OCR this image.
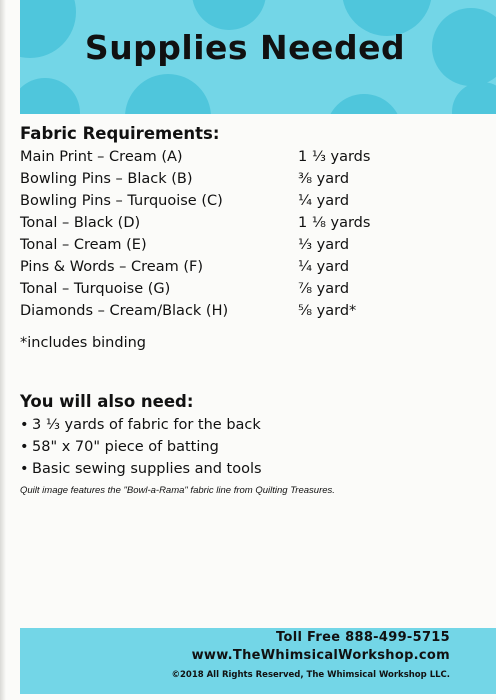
Supplies Needed
Fabric Requirements:
Main Print – Cream (A)	1 ⅓ yards
Bowling Pins – Black (B)	⅜ yard
Bowling Pins – Turquoise (C)	¼ yard
Tonal – Black (D)	1 ⅛ yards
Tonal – Cream (E)	⅓ yard
Pins & Words – Cream (F)	¼ yard
Tonal – Turquoise (G)	⅞ yard
Diamonds – Cream/Black (H)	⅝ yard*
*includes binding
You will also need:
• 3 ⅓ yards of fabric for the back
• 58" x 70" piece of batting
• Basic sewing supplies and tools
Quilt image features the "Bowl-a-Rama" fabric line from Quilting Treasures.
Toll Free 888-499-5715
www.TheWhimsicalWorkshop.com
©2018 All Rights Reserved, The Whimsical Workshop LLC.
